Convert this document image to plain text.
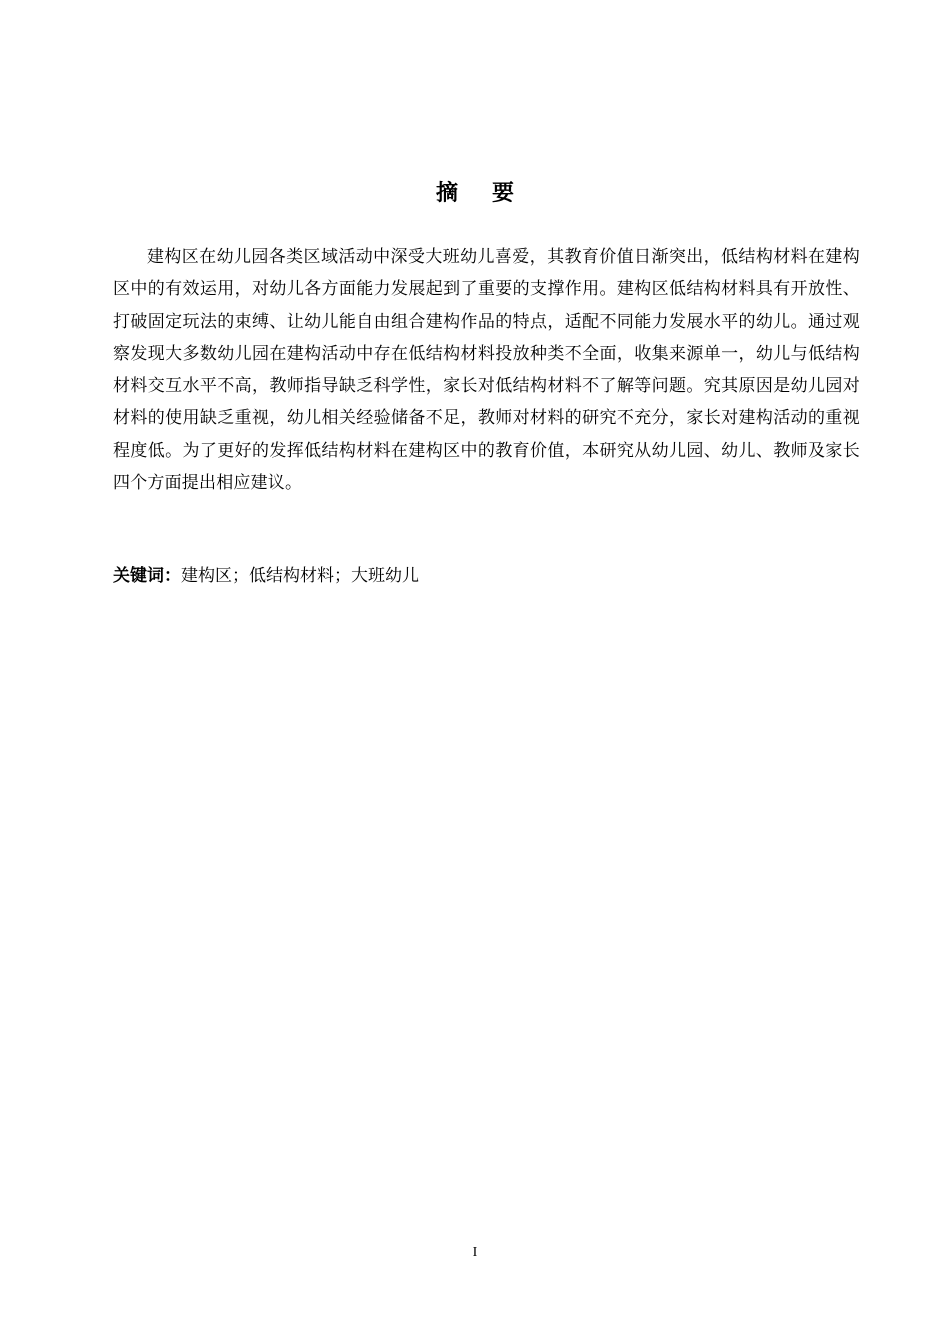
摘要

建构区在幼儿园各类区域活动中深受大班幼儿喜爱，其教育价值日渐突出，低结构材料在建构区中的有效运用，对幼儿各方面能力发展起到了重要的支撑作用。建构区低结构材料具有开放性、打破固定玩法的束缚、让幼儿能自由组合建构作品的特点，适配不同能力发展水平的幼儿。通过观察发现大多数幼儿园在建构活动中存在低结构材料投放种类不全面，收集来源单一，幼儿与低结构材料交互水平不高，教师指导缺乏科学性，家长对低结构材料不了解等问题。究其原因是幼儿园对材料的使用缺乏重视，幼儿相关经验储备不足，教师对材料的研究不充分，家长对建构活动的重视程度低。为了更好的发挥低结构材料在建构区中的教育价值，本研究从幼儿园、幼儿、教师及家长四个方面提出相应建议。

关键词：建构区；低结构材料；大班幼儿
I
